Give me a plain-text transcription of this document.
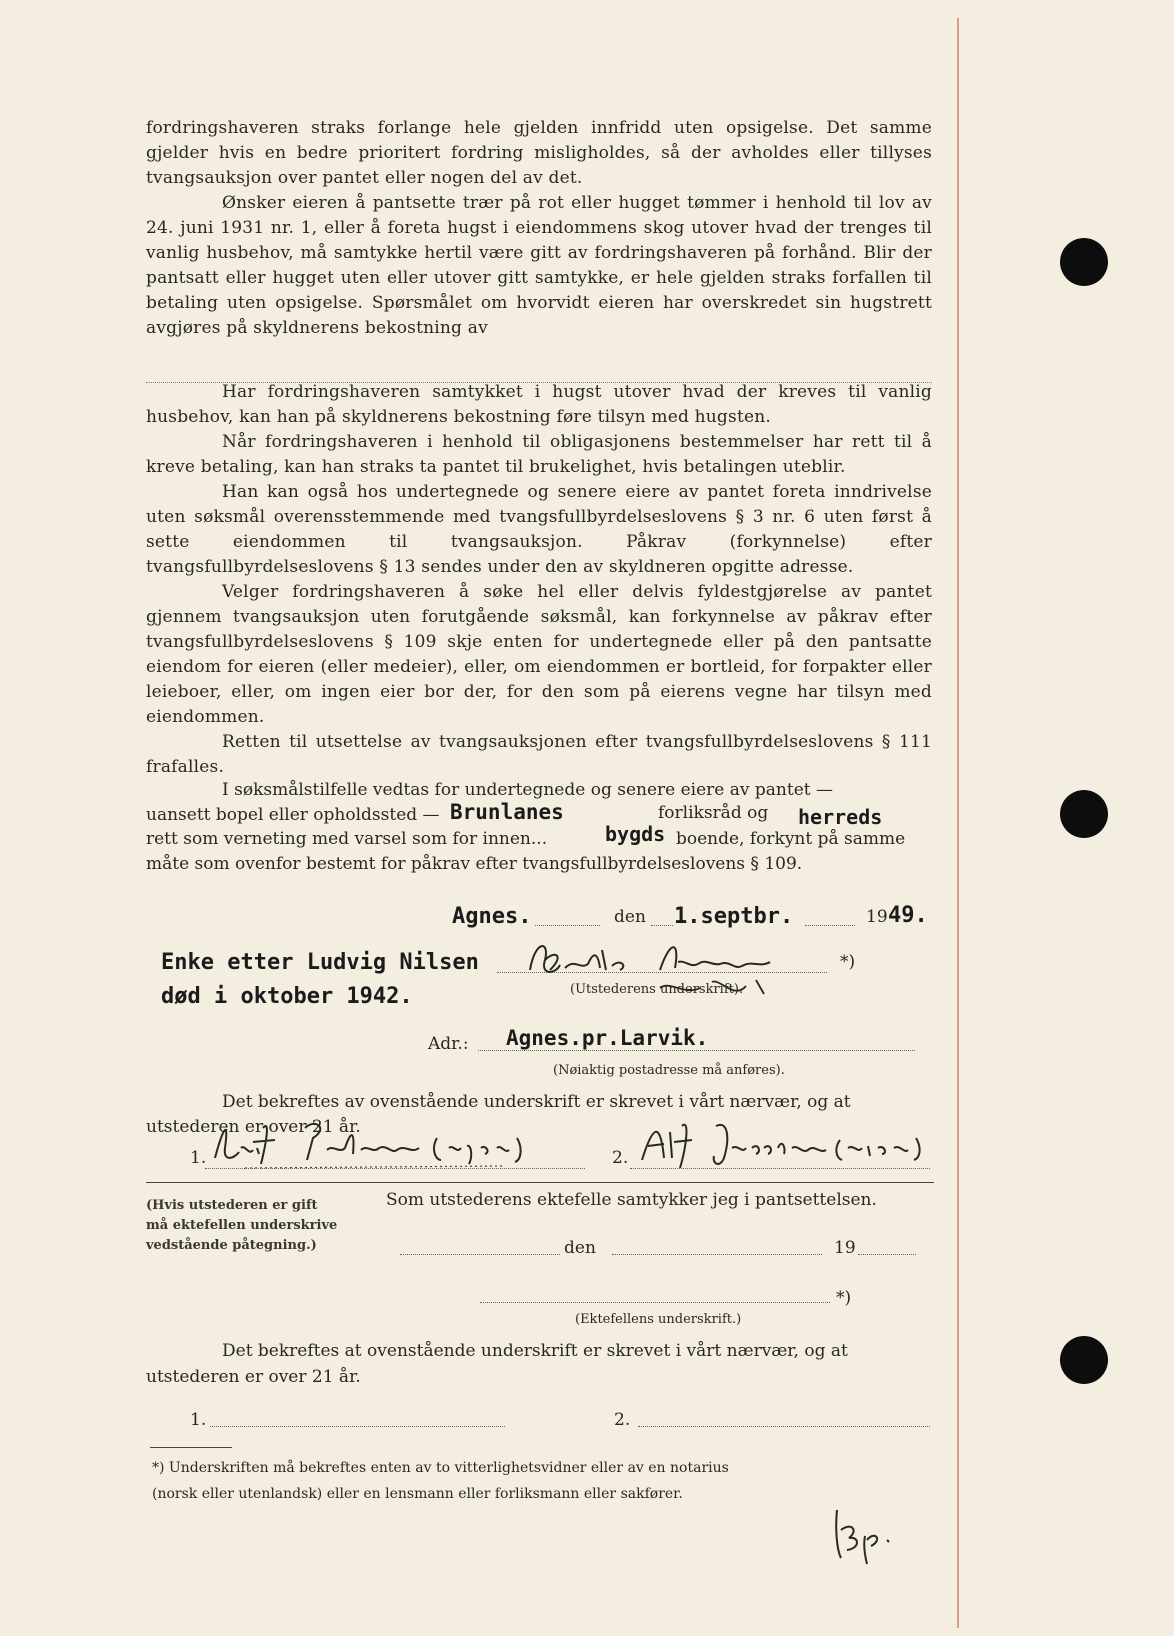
fordringshaveren straks forlange hele gjelden innfridd uten opsigelse. Det samme gjelder hvis en bedre prioritert fordring misligholdes, så der avholdes eller tillyses tvangsauksjon over pantet eller nogen del av det.

Ønsker eieren å pantsette trær på rot eller hugget tømmer i henhold til lov av 24. juni 1931 nr. 1, eller å foreta hugst i eiendommens skog utover hvad der trenges til vanlig husbehov, må samtykke hertil være gitt av fordringshaveren på forhånd. Blir der pantsatt eller hugget uten eller utover gitt samtykke, er hele gjelden straks forfallen til betaling uten opsigelse. Spørsmålet om hvorvidt eieren har overskredet sin hugstrett avgjøres på skyldnerens bekostning av

Har fordringshaveren samtykket i hugst utover hvad der kreves til vanlig husbehov, kan han på skyldnerens bekostning føre tilsyn med hugsten.

Når fordringshaveren i henhold til obligasjonens bestemmelser har rett til å kreve betaling, kan han straks ta pantet til brukelighet, hvis betalingen uteblir.

Han kan også hos undertegnede og senere eiere av pantet foreta inndrivelse uten søksmål overensstemmende med tvangsfullbyrdelseslovens § 3 nr. 6 uten først å sette eiendommen til tvangsauksjon. Påkrav (forkynnelse) efter tvangsfullbyrdelseslovens § 13 sendes under den av skyldneren opgitte adresse.

Velger fordringshaveren å søke hel eller delvis fyldestgjørelse av pantet gjennem tvangsauksjon uten forutgående søksmål, kan forkynnelse av påkrav efter tvangsfullbyrdelseslovens § 109 skje enten for undertegnede eller på den pantsatte eiendom for eieren (eller medeier), eller, om eiendommen er bortleid, for forpakter eller leieboer, eller, om ingen eier bor der, for den som på eierens vegne har tilsyn med eiendommen.

Retten til utsettelse av tvangsauksjonen efter tvangsfullbyrdelseslovens § 111 frafalles.

I søksmålstilfelle vedtas for undertegnede og senere eiere av pantet —
uansett bopel eller opholdssted — Brunlanes	forliksråd og herreds
rett som verneting med varsel som for innen...	bygds boende, forkynt på samme
måte som ovenfor bestemt for påkrav efter tvangsfullbyrdelseslovens § 109.
Agnes.	den 1.septbr.	19 49.
Enke etter Ludvig Nilsen
død i oktober 1942.
*)
(Utstederens underskrift).
Adr.: Agnes.pr.Larvik.
(Nøiaktig postadresse må anføres).
Det bekreftes av ovenstående underskrift er skrevet i vårt nærvær, og at
utstederen er over 21 år.
1.	2.
(Hvis utstederen er gift
må ektefellen underskrive
vedstående påtegning.)
Som utstederens ektefelle samtykker jeg i pantsettelsen.
den	19
*)
(Ektefellens underskrift.)
Det bekreftes at ovenstående underskrift er skrevet i vårt nærvær, og at
utstederen er over 21 år.
1.	2.
*) Underskriften må bekreftes enten av to vitterlighetsvidner eller av en notarius
(norsk eller utenlandsk) eller en lensmann eller forliksmann eller sakfører.
